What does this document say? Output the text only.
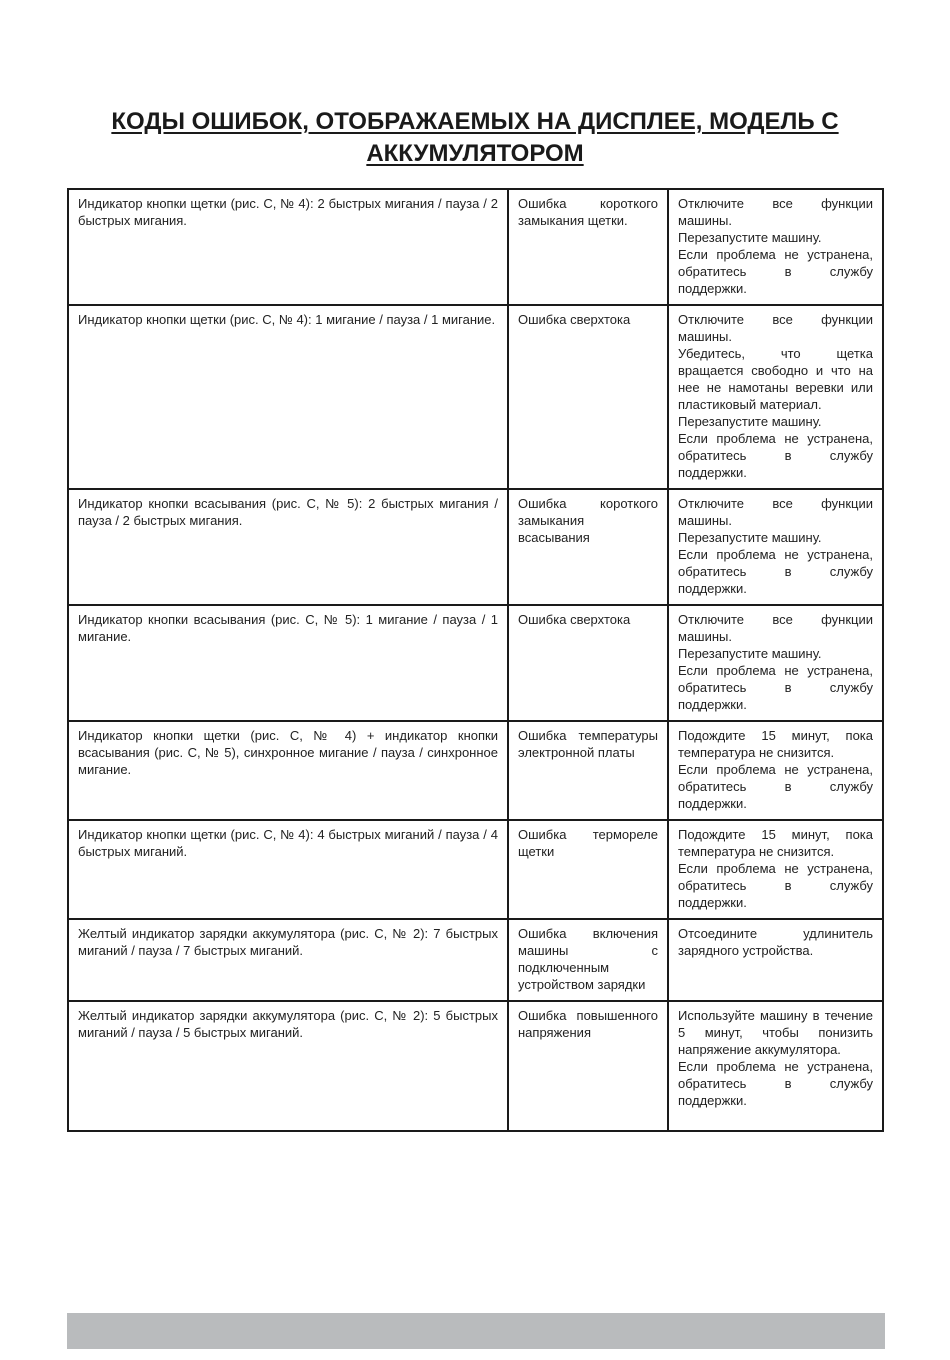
КОДЫ ОШИБОК, ОТОБРАЖАЕМЫХ НА ДИСПЛЕЕ, МОДЕЛЬ С
АККУМУЛЯТОРОМ
Индикатор кнопки щетки (рис. С, № 4): 2 быстрых мигания / пауза / 2 быстрых мигания.	Ошибка короткого замыкания щетки.	Отключите все функции машины.
Перезапустите машину.
Если проблема не устранена, обратитесь в службу поддержки.

Индикатор кнопки щетки (рис. С, № 4): 1 мигание / пауза / 1 мигание.	Ошибка сверхтока	Отключите все функции машины.
Убедитесь, что щетка вращается свободно и что на нее не намотаны веревки или пластиковый материал.
Перезапустите машину.
Если проблема не устранена, обратитесь в службу поддержки.

Индикатор кнопки всасывания (рис. С, № 5): 2 быстрых мигания / пауза / 2 быстрых мигания.	Ошибка короткого замыкания всасывания	Отключите все функции машины.
Перезапустите машину.
Если проблема не устранена, обратитесь в службу поддержки.

Индикатор кнопки всасывания (рис. С, № 5): 1 мигание / пауза / 1 мигание.	Ошибка сверхтока	Отключите все функции машины.
Перезапустите машину.
Если проблема не устранена, обратитесь в службу поддержки.

Индикатор кнопки щетки (рис. С, № 4) + индикатор кнопки всасывания (рис. С, № 5), синхронное мигание / пауза / синхронное мигание.	Ошибка температуры электронной платы	Подождите 15 минут, пока температура не снизится.
Если проблема не устранена, обратитесь в службу поддержки.

Индикатор кнопки щетки (рис. С, № 4): 4 быстрых миганий / пауза / 4 быстрых миганий.	Ошибка термореле щетки	Подождите 15 минут, пока температура не снизится.
Если проблема не устранена, обратитесь в службу поддержки.

Желтый индикатор зарядки аккумулятора (рис. С, № 2): 7 быстрых миганий / пауза / 7 быстрых миганий.	Ошибка включения машины с подключенным устройством зарядки	Отсоедините удлинитель зарядного устройства.

Желтый индикатор зарядки аккумулятора (рис. С, № 2): 5 быстрых миганий / пауза / 5 быстрых миганий.	Ошибка повышенного напряжения	Используйте машину в течение 5 минут, чтобы понизить напряжение аккумулятора.
Если проблема не устранена, обратитесь в службу поддержки.
